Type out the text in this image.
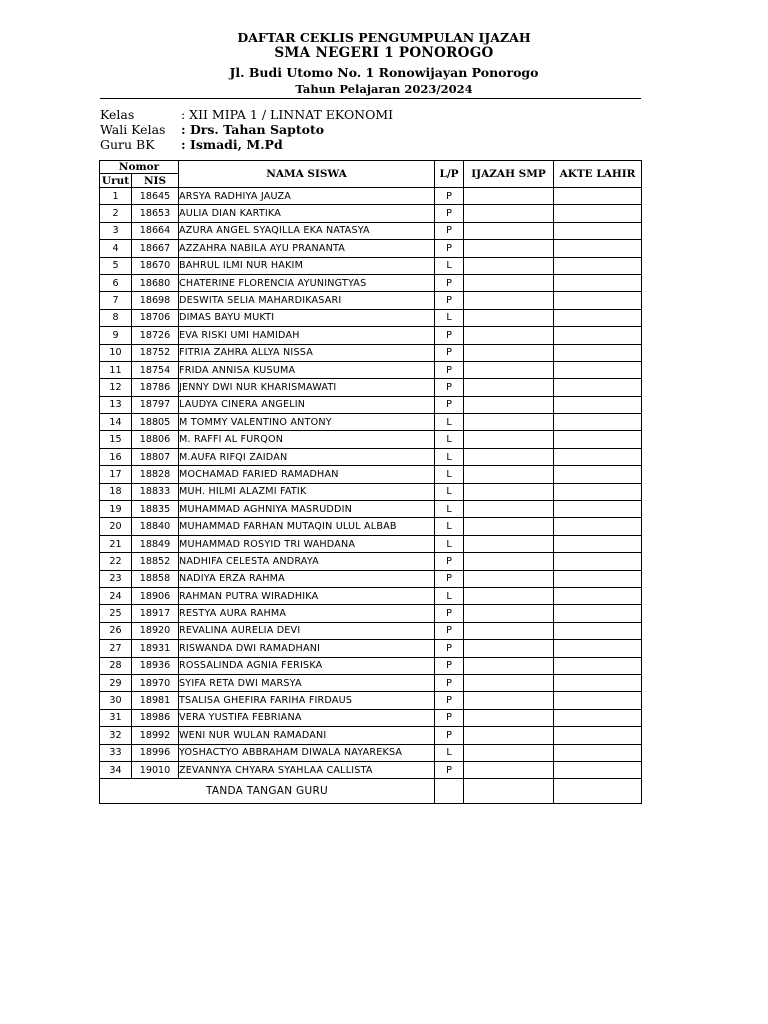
DAFTAR CEKLIS PENGUMPULAN IJAZAH
SMA NEGERI 1 PONOROGO
Jl. Budi Utomo No. 1 Ronowijayan Ponorogo
Tahun Pelajaran 2023/2024
Kelas	: XII MIPA 1 / LINNAT EKONOMI
Wali Kelas : Drs. Tahan Saptoto
Guru BK : Ismadi, M.Pd
Nomor		NAMA SISWA	L/P	IJAZAH SMP	AKTE LAHIR
Urut	NIS				
1	18645	ARSYA RADHIYA JAUZA	P		
2	18653	AULIA DIAN KARTIKA	P		
3	18664	AZURA ANGEL SYAQILLA EKA NATASYA	P		
4	18667	AZZAHRA NABILA AYU PRANANTA	P		
5	18670	BAHRUL ILMI NUR HAKIM	L		
6	18680	CHATERINE FLORENCIA AYUNINGTYAS	P		
7	18698	DESWITA SELIA MAHARDIKASARI	P		
8	18706	DIMAS BAYU MUKTI	L		
9	18726	EVA RISKI UMI HAMIDAH	P		
10	18752	FITRIA ZAHRA ALLYA NISSA	P		
11	18754	FRIDA ANNISA KUSUMA	P		
12	18786	JENNY DWI NUR KHARISMAWATI	P		
13	18797	LAUDYA CINERA ANGELIN	P		
14	18805	M TOMMY VALENTINO ANTONY	L		
15	18806	M. RAFFI AL FURQON	L		
16	18807	M.AUFA RIFQI ZAIDAN	L		
17	18828	MOCHAMAD FARIED RAMADHAN	L		
18	18833	MUH. HILMI ALAZMI FATIK	L		
19	18835	MUHAMMAD AGHNIYA MASRUDDIN	L		
20	18840	MUHAMMAD FARHAN MUTAQIN ULUL ALBAB	L		
21	18849	MUHAMMAD ROSYID TRI WAHDANA	L		
22	18852	NADHIFA CELESTA ANDRAYA	P		
23	18858	NADIYA ERZA RAHMA	P		
24	18906	RAHMAN PUTRA WIRADHIKA	L		
25	18917	RESTYA AURA RAHMA	P		
26	18920	REVALINA AURELIA DEVI	P		
27	18931	RISWANDA DWI RAMADHANI	P		
28	18936	ROSSALINDA AGNIA FERISKA	P		
29	18970	SYIFA RETA DWI MARSYA	P		
30	18981	TSALISA GHEFIRA FARIHA FIRDAUS	P		
31	18986	VERA YUSTIFA FEBRIANA	P		
32	18992	WENI NUR WULAN RAMADANI	P		
33	18996	YOSHACTYO ABBRAHAM DIWALA NAYAREKSA	L		
34	19010	ZEVANNYA CHYARA SYAHLAA CALLISTA	P		
TANDA TANGAN GURU					
